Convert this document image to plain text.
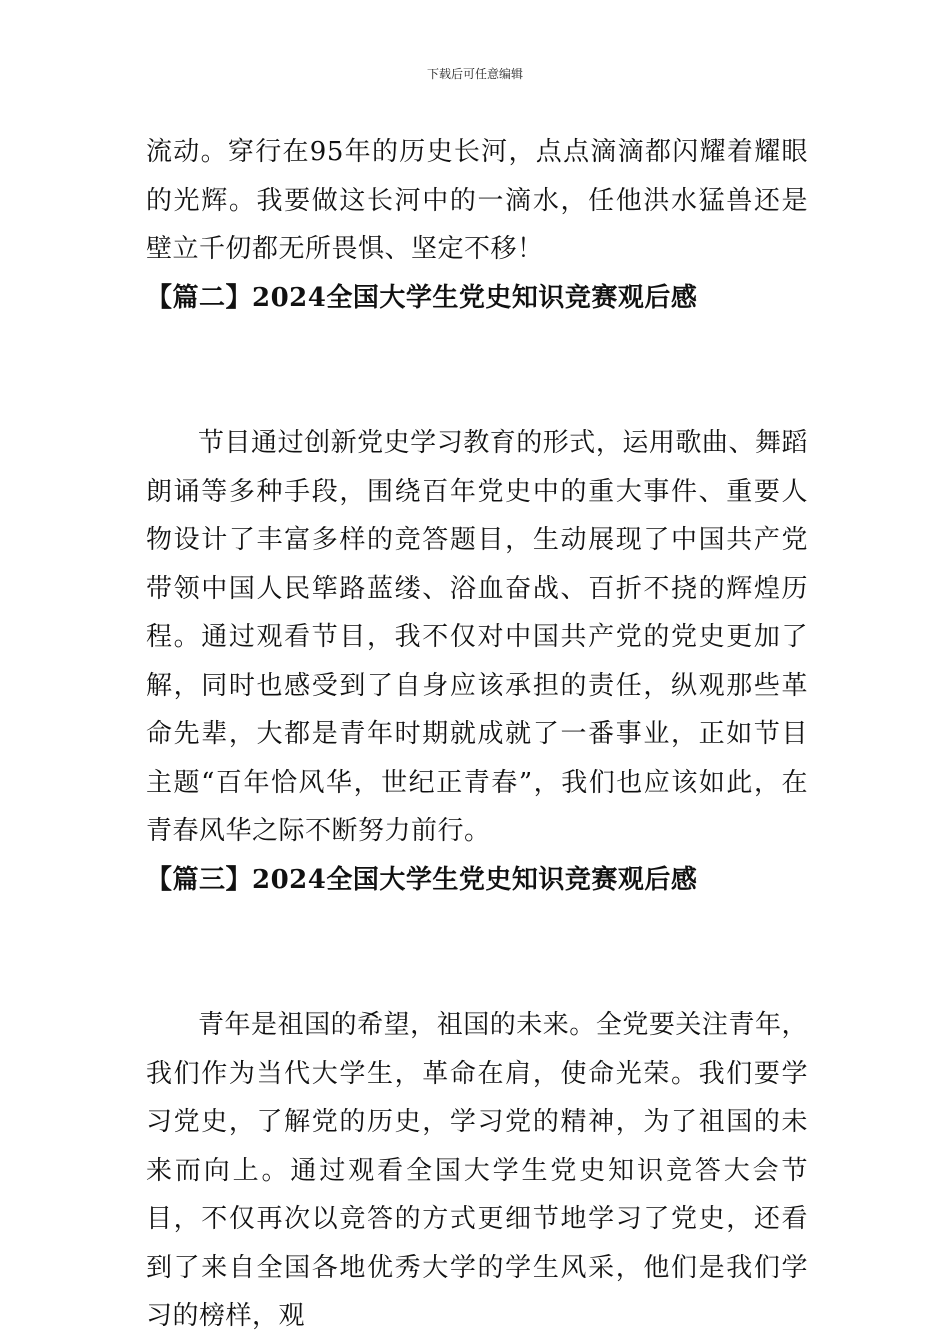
下载后可任意编辑

流动。穿行在95年的历史长河，点点滴滴都闪耀着耀眼的光辉。我要做这长河中的一滴水，任他洪水猛兽还是壁立千仞都无所畏惧、坚定不移！

【篇二】2024全国大学生党史知识竞赛观后感

节目通过创新党史学习教育的形式，运用歌曲、舞蹈朗诵等多种手段，围绕百年党史中的重大事件、重要人物设计了丰富多样的竞答题目，生动展现了中国共产党带领中国人民筚路蓝缕、浴血奋战、百折不挠的辉煌历程。通过观看节目，我不仅对中国共产党的党史更加了解，同时也感受到了自身应该承担的责任，纵观那些革命先辈，大都是青年时期就成就了一番事业，正如节目主题“百年恰风华，世纪正青春”，我们也应该如此，在青春风华之际不断努力前行。

【篇三】2024全国大学生党史知识竞赛观后感

青年是祖国的希望，祖国的未来。全党要关注青年，我们作为当代大学生，革命在肩，使命光荣。我们要学习党史，了解党的历史，学习党的精神，为了祖国的未来而向上。通过观看全国大学生党史知识竞答大会节目，不仅再次以竞答的方式更细节地学习了党史，还看到了来自全国各地优秀大学的学生风采，他们是我们学习的榜样，观
